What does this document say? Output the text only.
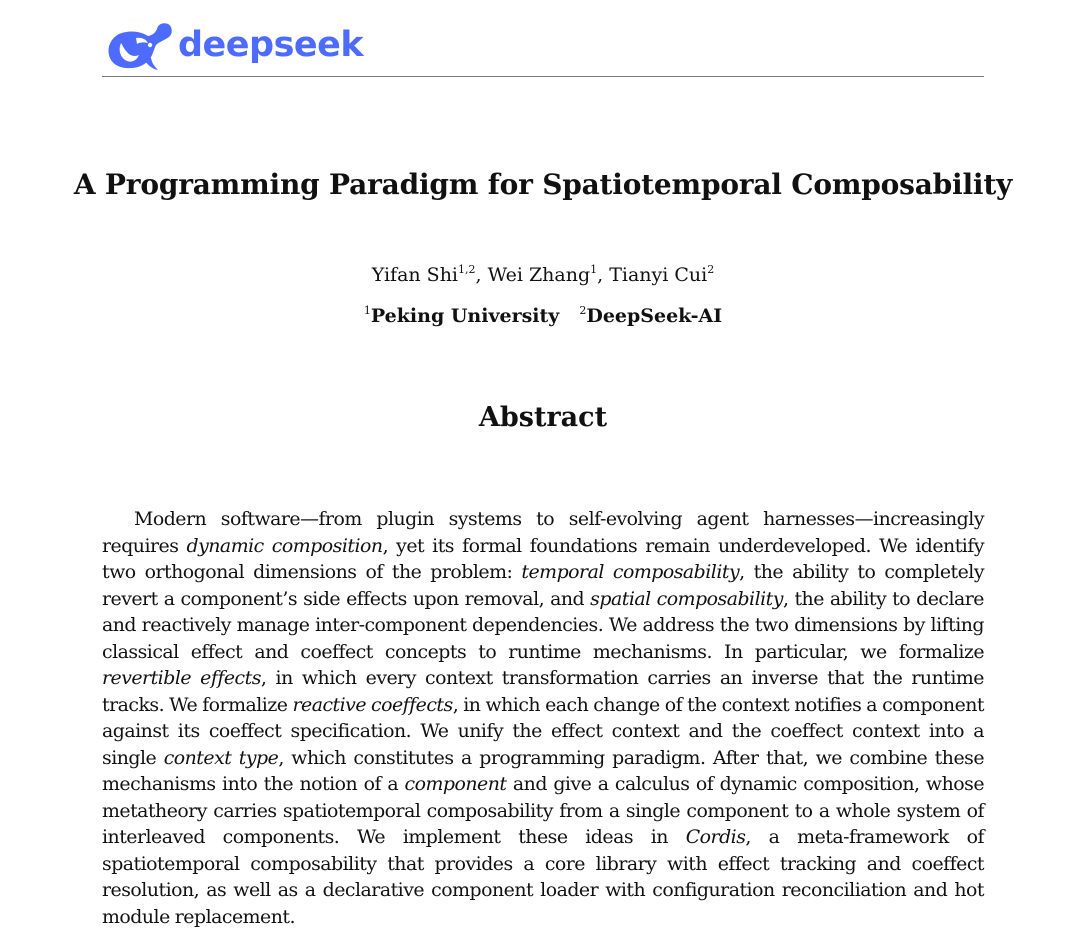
deepseek
A Programming Paradigm for Spatiotemporal Composability
Yifan Shi$^{1,2}$, Wei Zhang$^1$, Tianyi Cui$^2$
$^1$Peking University $^2$DeepSeek-AI
Abstract

Modern software—from plugin systems to self-evolving agent harnesses—increasingly requires dynamic composition, yet its formal foundations remain underdeveloped. We identify two orthogonal dimensions of the problem: temporal composability, the ability to completely revert a component’s side effects upon removal, and spatial composability, the ability to declare and reactively manage inter-component dependencies. We address the two dimensions by lifting classical effect and coeffect concepts to runtime mechanisms. In particular, we formalize revertible effects, in which every context transformation carries an inverse that the runtime tracks. We formalize reactive coeffects, in which each change of the context notifies a component against its coeffect specification. We unify the effect context and the coeffect context into a single context type, which constitutes a programming paradigm. After that, we combine these mechanisms into the notion of a component and give a calculus of dynamic composition, whose metatheory carries spatiotemporal composability from a single component to a whole system of interleaved components. We implement these ideas in Cordis, a meta-framework of spatiotemporal composability that provides a core library with effect tracking and coeffect resolution, as well as a declarative component loader with configuration reconciliation and hot module replacement.
